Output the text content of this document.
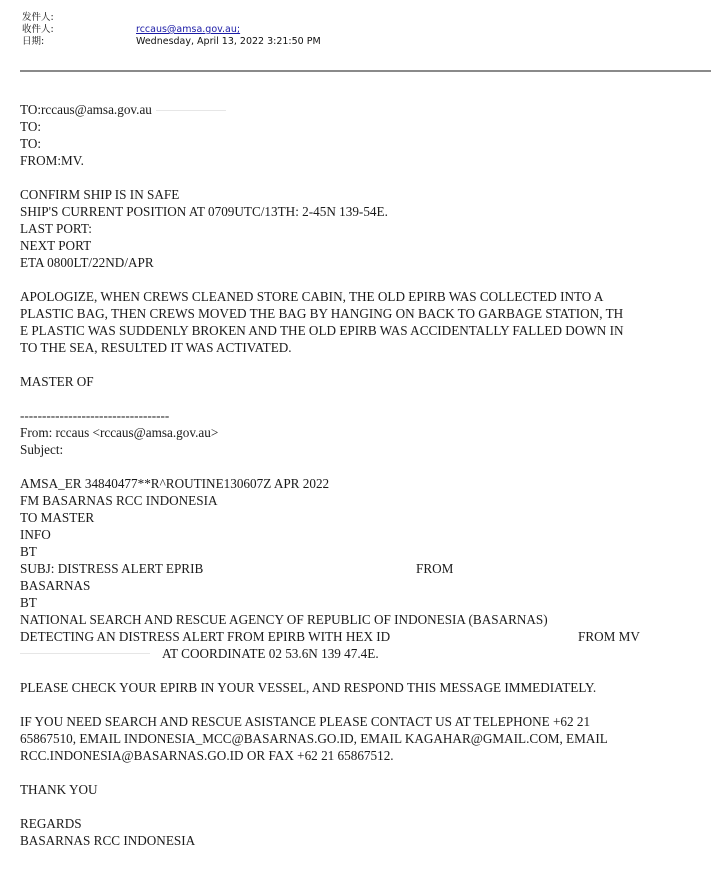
发件人:
收件人:	rccaus@amsa.gov.au;
日期:	Wednesday, April 13, 2022 3:21:50 PM
TO:rccaus@amsa.gov.au
TO:
TO:
FROM:MV.
CONFIRM SHIP IS IN SAFE
SHIP'S CURRENT POSITION AT 0709UTC/13TH: 2-45N 139-54E.
LAST PORT:
NEXT PORT
ETA 0800LT/22ND/APR
APOLOGIZE, WHEN CREWS CLEANED STORE CABIN, THE OLD EPIRB WAS COLLECTED INTO A
PLASTIC BAG, THEN CREWS MOVED THE BAG BY HANGING ON BACK TO GARBAGE STATION, TH
E PLASTIC WAS SUDDENLY BROKEN AND THE OLD EPIRB WAS ACCIDENTALLY FALLED DOWN IN
TO THE SEA, RESULTED IT WAS ACTIVATED.
MASTER OF
----------------------------------
From: rccaus <rccaus@amsa.gov.au>
Subject:
AMSA_ER 34840477**R^ROUTINE130607Z APR 2022
FM BASARNAS RCC INDONESIA
TO MASTER
INFO
BT
SUBJ: DISTRESS ALERT EPRIB	FROM
BASARNAS
BT
NATIONAL SEARCH AND RESCUE AGENCY OF REPUBLIC OF INDONESIA (BASARNAS)
DETECTING AN DISTRESS ALERT FROM EPIRB WITH HEX ID	FROM MV
AT COORDINATE 02 53.6N 139 47.4E.
PLEASE CHECK YOUR EPIRB IN YOUR VESSEL, AND RESPOND THIS MESSAGE IMMEDIATELY.
IF YOU NEED SEARCH AND RESCUE ASISTANCE PLEASE CONTACT US AT TELEPHONE +62 21
65867510, EMAIL INDONESIA_MCC@BASARNAS.GO.ID, EMAIL KAGAHAR@GMAIL.COM, EMAIL
RCC.INDONESIA@BASARNAS.GO.ID OR FAX +62 21 65867512.
THANK YOU
REGARDS
BASARNAS RCC INDONESIA
